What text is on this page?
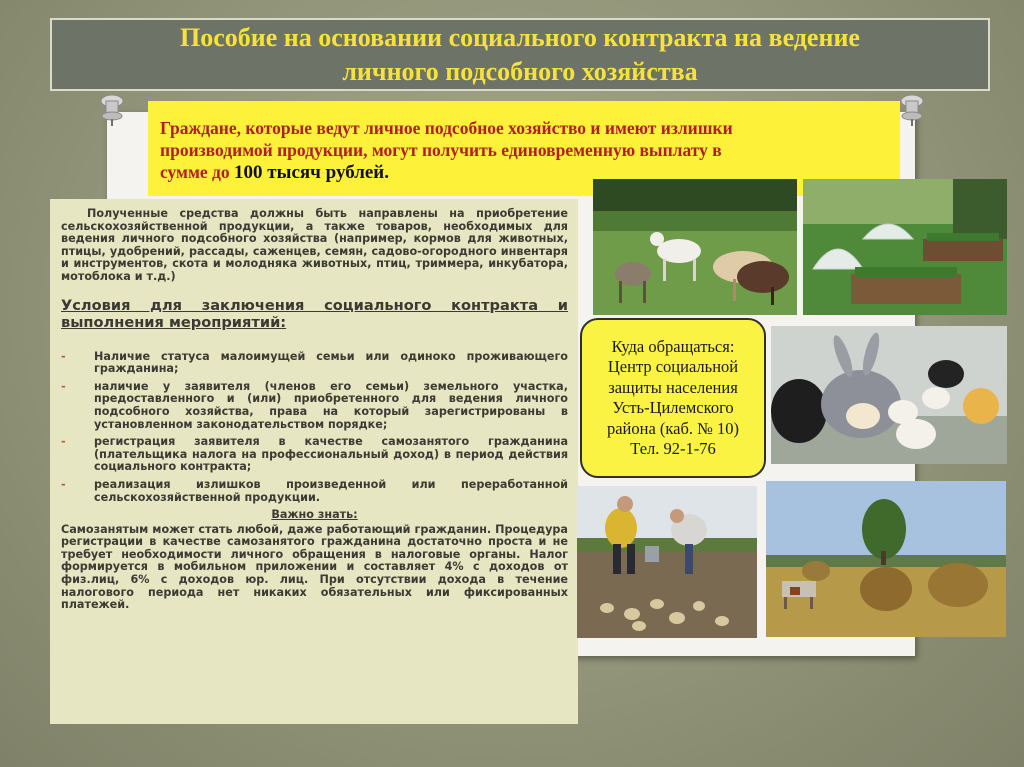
Пособие на основании социального контракта на ведение
личного подсобного хозяйства
Граждане, которые ведут личное подсобное хозяйство и имеют излишки
производимой продукции, могут получить единовременную выплату в
сумме до 100 тысяч рублей.

Полученные средства должны быть направлены на приобретение сельскохозяйственной продукции, а также товаров, необходимых для ведения личного подсобного хозяйства (например, кормов для животных, птицы, удобрений, рассады, саженцев, семян, садово-огородного инвентаря и инструментов, скота и молодняка животных, птиц, триммера, инкубатора, мотоблока и т.д.)

Условия для заключения социального контракта и выполнения мероприятий:

-	Наличие статуса малоимущей семьи или одиноко проживающего гражданина;
-	наличие у заявителя (членов его семьи) земельного участка, предоставленного и (или) приобретенного для ведения личного подсобного хозяйства, права на который зарегистрированы в установленном законодательством порядке;
-	регистрация заявителя в качестве самозанятого гражданина (плательщика налога на профессиональный доход) в период действия социального контракта;
-	реализация излишков произведенной или переработанной сельскохозяйственной продукции.

Важно знать:

Самозанятым может стать любой, даже работающий гражданин. Процедура регистрации в качестве самозанятого гражданина достаточно проста и не требует необходимости личного обращения в налоговые органы. Налог формируется в мобильном приложении и составляет 4% с доходов от физ.лиц, 6% с доходов юр. лиц. При отсутствии дохода в течение налогового периода нет никаких обязательных или фиксированных платежей.

Куда обращаться:
Центр социальной
защиты населения
Усть-Цилемского
района (каб. № 10)
Тел. 92-1-76
